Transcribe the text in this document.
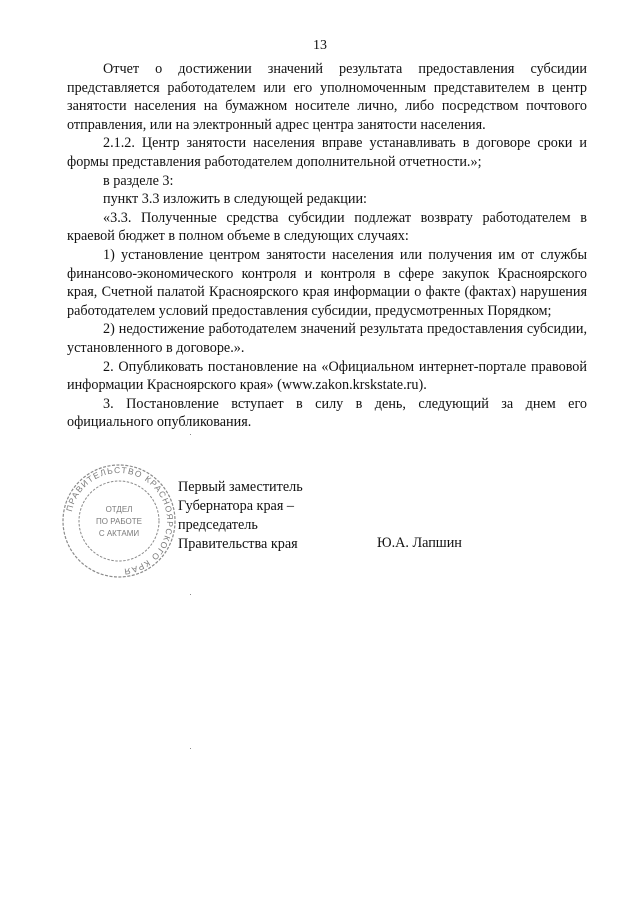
13

Отчет о достижении значений результата предоставления субсидии представляется работодателем или его уполномоченным представителем в центр занятости населения на бумажном носителе лично, либо посредством почтового отправления, или на электронный адрес центра занятости населения.

2.1.2. Центр занятости населения вправе устанавливать в договоре сроки и формы представления работодателем дополнительной отчетности.»;

в разделе 3:

пункт 3.3 изложить в следующей редакции:

«3.3. Полученные средства субсидии подлежат возврату работодателем в краевой бюджет в полном объеме в следующих случаях:

1) установление центром занятости населения или получения им от службы финансово-экономического контроля и контроля в сфере закупок Красноярского края, Счетной палатой Красноярского края информации о факте (фактах) нарушения работодателем условий предоставления субсидии, предусмотренных Порядком;

2) недостижение работодателем значений результата предоставления субсидии, установленного в договоре.».

2. Опубликовать постановление на «Официальном интернет-портале правовой информации Красноярского края» (www.zakon.krskstate.ru).

3. Постановление вступает в силу в день, следующий за днем его официального опубликования.

ПРАВИТЕЛЬСТВО КРАСНОЯРСКОГО КРАЯ
ОТДЕЛ
ПО РАБОТЕ
С АКТАМИ
Первый заместитель
Губернатора края –
председатель
Правительства края	Ю.А. Лапшин
